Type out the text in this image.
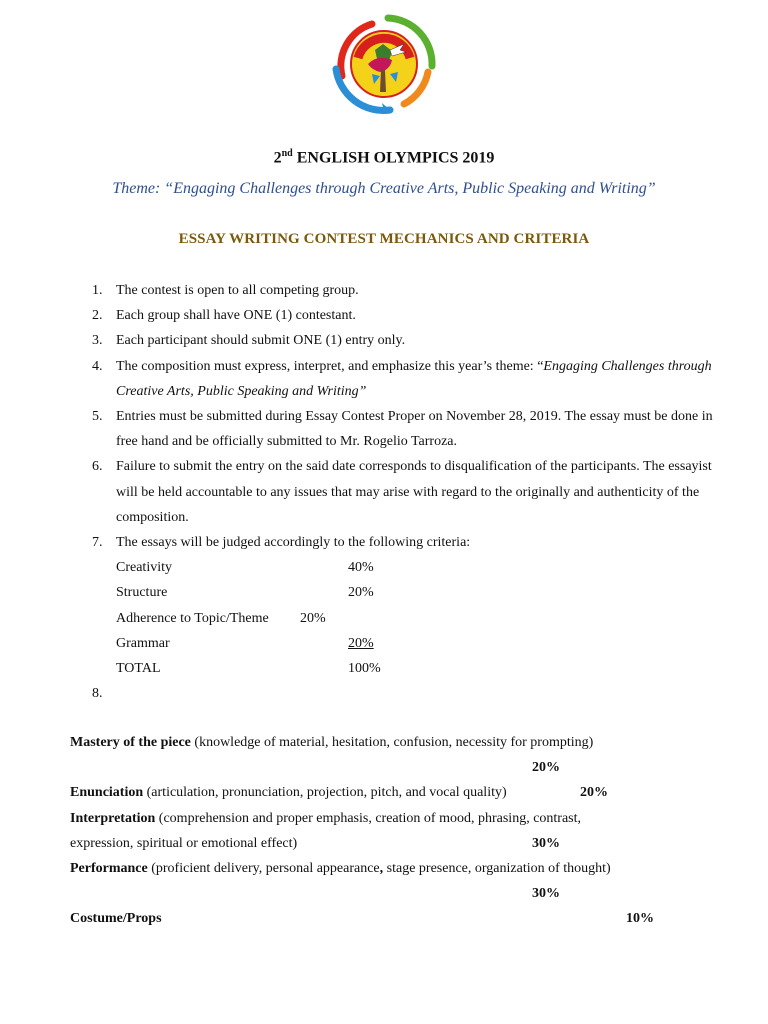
2nd ENGLISH OLYMPICS 2019
Theme: “Engaging Challenges through Creative Arts, Public Speaking and Writing”
ESSAY WRITING CONTEST MECHANICS AND CRITERIA
1. The contest is open to all competing group.
2. Each group shall have ONE (1) contestant.
3. Each participant should submit ONE (1) entry only.
4. The composition must express, interpret, and emphasize this year’s theme: “Engaging Challenges through Creative Arts, Public Speaking and Writing”
5. Entries must be submitted during Essay Contest Proper on November 28, 2019. The essay must be done in free hand and be officially submitted to Mr. Rogelio Tarroza.
6. Failure to submit the entry on the said date corresponds to disqualification of the participants. The essayist will be held accountable to any issues that may arise with regard to the originally and authenticity of the composition.
7. The essays will be judged accordingly to the following criteria:
Creativity	40%
Structure	20%
Adherence to Topic/Theme 20%
Grammar	20%
TOTAL	100%
8.
Mastery of the piece (knowledge of material, hesitation, confusion, necessity for prompting)
20%
Enunciation (articulation, pronunciation, projection, pitch, and vocal quality)	20%
Interpretation (comprehension and proper emphasis, creation of mood, phrasing, contrast,
expression, spiritual or emotional effect)	30%
Performance (proficient delivery, personal appearance, stage presence, organization of thought)
30%
Costume/Props	10%
